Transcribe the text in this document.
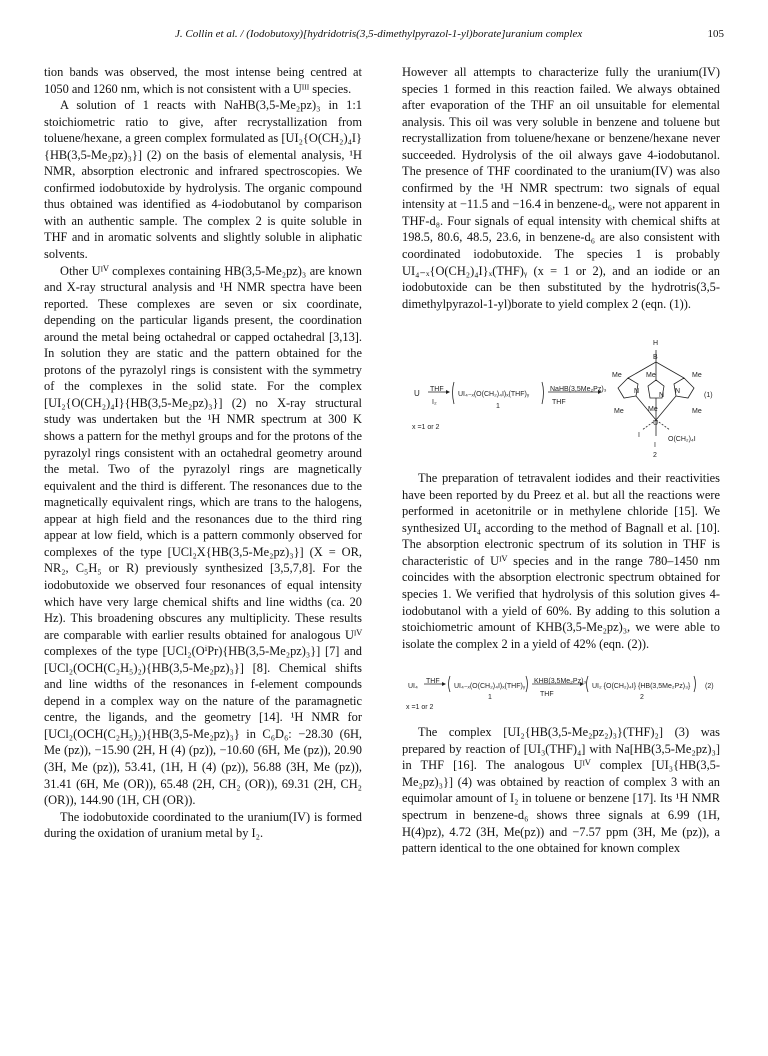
J. Collin et al. / (Iodobutoxy)[hydridotris(3,5-dimethylpyrazol-1-yl)borate]uranium complex	105

tion bands was observed, the most intense being centred at 1050 and 1260 nm, which is not consistent with a Uᴵᴵᴵ species.

A solution of 1 reacts with NaHB(3,5-Me₂pz)₃ in 1:1 stoichiometric ratio to give, after recrystallization from toluene/hexane, a green complex formulated as [UI₂{O(CH₂)₄I}{HB(3,5-Me₂pz)₃}] (2) on the basis of elemental analysis, ¹H NMR, absorption electronic and infrared spectroscopies. We confirmed iodobutoxide by hydrolysis. The organic compound thus obtained was identified as 4-iodobutanol by comparison with an authentic sample. The complex 2 is quite soluble in THF and in aromatic solvents and slightly soluble in aliphatic solvents.

Other Uᴵⱽ complexes containing HB(3,5-Me₂pz)₃ are known and X-ray structural analysis and ¹H NMR spectra have been reported. These complexes are seven or six coordinate, depending on the particular ligands present, the coordination around the metal being octahedral or capped octahedral [3,13]. In solution they are static and the pattern obtained for the protons of the pyrazolyl rings is consistent with the symmetry of the complexes in the solid state. For the complex [UI₂{O(CH₂)₄I}{HB(3,5-Me₂pz)₃}] (2) no X-ray structural study was undertaken but the ¹H NMR spectrum at 300 K shows a pattern for the methyl groups and for the protons of the pyrazolyl rings consistent with an octahedral geometry around the metal. Two of the pyrazolyl rings are magnetically equivalent and the third is different. The resonances due to the magnetically equivalent rings, which are trans to the halogens, appear at high field and the resonances due to the third ring appear at low field, which is a pattern commonly observed for complexes of the type [UCl₂X{HB(3,5-Me₂pz)₃}] (X = OR, NR₂, C₅H₅ or R) previously synthesized [3,5,7,8]. For the iodobutoxide we observed four resonances of equal intensity which have very large chemical shifts and line widths (ca. 20 Hz). This broadening obscures any multiplicity. These results are comparable with earlier results obtained for analogous Uᴵⱽ complexes of the type [UCl₂(OⁱPr){HB(3,5-Me₂pz)₃}] [7] and [UCl₂(OCH(C₂H₅)₂){HB(3,5-Me₂pz)₃}] [8]. Chemical shifts and line widths of the resonances in f-element compounds depend in a complex way on the nature of the paramagnetic centre, the ligands, and the geometry [14]. ¹H NMR for [UCl₂(OCH(C₂H₅)₂){HB(3,5-Me₂pz)₃} in C₆D₆: −28.30 (6H, Me (pz)), −15.90 (2H, H (4) (pz)), −10.60 (6H, Me (pz)), 20.90 (3H, Me (pz)), 53.41, (1H, H (4) (pz)), 56.88 (3H, Me (pz)), 31.41 (6H, Me (OR)), 65.48 (2H, CH₂ (OR)), 69.31 (2H, CH₂ (OR)), 144.90 (1H, CH (OR)).

The iodobutoxide coordinated to the uranium(IV) is formed during the oxidation of uranium metal by I₂.

However all attempts to characterize fully the uranium(IV) species 1 formed in this reaction failed. We always obtained after evaporation of the THF an oil unsuitable for elemental analysis. This oil was very soluble in benzene and toluene but recrystallization from toluene/hexane or benzene/hexane never succeeded. Hydrolysis of the oil always gave 4-iodobutanol. The presence of THF coordinated to the uranium(IV) was also confirmed by the ¹H NMR spectrum: two signals of equal intensity at −11.5 and −16.4 in benzene-d₆, were not apparent in THF-d₈. Four signals of equal intensity with chemical shifts at 198.5, 80.6, 48.5, 23.6, in benzene-d₆ are also consistent with coordinated iodobutoxide. The species 1 is probably UI₄₋ₓ{O(CH₂)₄I}ₓ(THF)ᵧ (x = 1 or 2), and an iodide or an iodobutoxide can be then substituted by the hydrotris(3,5-dimethylpyrazol-1-yl)borate to yield complex 2 (eqn. (1)).

U THF
I₂
UI₄₋ₓ(O(CH₂)₄I)ₓ(THF)ᵧ
1
NaHB(3,5Me₂Pz)₃
THF
x =1 or 2
H
B
Me	Me	Me
N
N
N
Me	Me	Me
U
I
I
O(CH₂)₄I
2
(1)

The preparation of tetravalent iodides and their reactivities have been reported by du Preez et al. but all the reactions were performed in acetonitrile or in methylene chloride [15]. We synthesized UI₄ according to the method of Bagnall et al. [10]. The absorption electronic spectrum of its solution in THF is characteristic of Uᴵⱽ species and in the range 780–1450 nm coincides with the absorption electronic spectrum obtained for species 1. We verified that hydrolysis of this solution gives 4-iodobutanol with a yield of 60%. By adding to this solution a stoichiometric amount of KHB(3,5-Me₂pz)₃, we were able to isolate the complex 2 in a yield of 42% (eqn. (2)).

UI₄
THF
UI₄₋ₓ(O(CH₂)₄I)ₓ(THF)ᵧ
1
KHB(3,5Me₂Pz)₃
THF
UI₂ {O(CH₂)₄I} {HB(3,5Me₂Pz)₃}
2
(2)
x =1 or 2

The complex [UI₂{HB(3,5-Me₂pz₂)₃}(THF)₂] (3) was prepared by reaction of [UI₃(THF)₄] with Na[HB(3,5-Me₂pz)₃] in THF [16]. The analogous Uᴵⱽ complex [UI₃{HB(3,5-Me₂pz)₃}] (4) was obtained by reaction of complex 3 with an equimolar amount of I₂ in toluene or benzene [17]. Its ¹H NMR spectrum in benzene-d₆ shows three signals at 6.99 (1H, H(4)pz), 4.72 (3H, Me(pz)) and −7.57 ppm (3H, Me (pz)), a pattern identical to the one obtained for known complex
